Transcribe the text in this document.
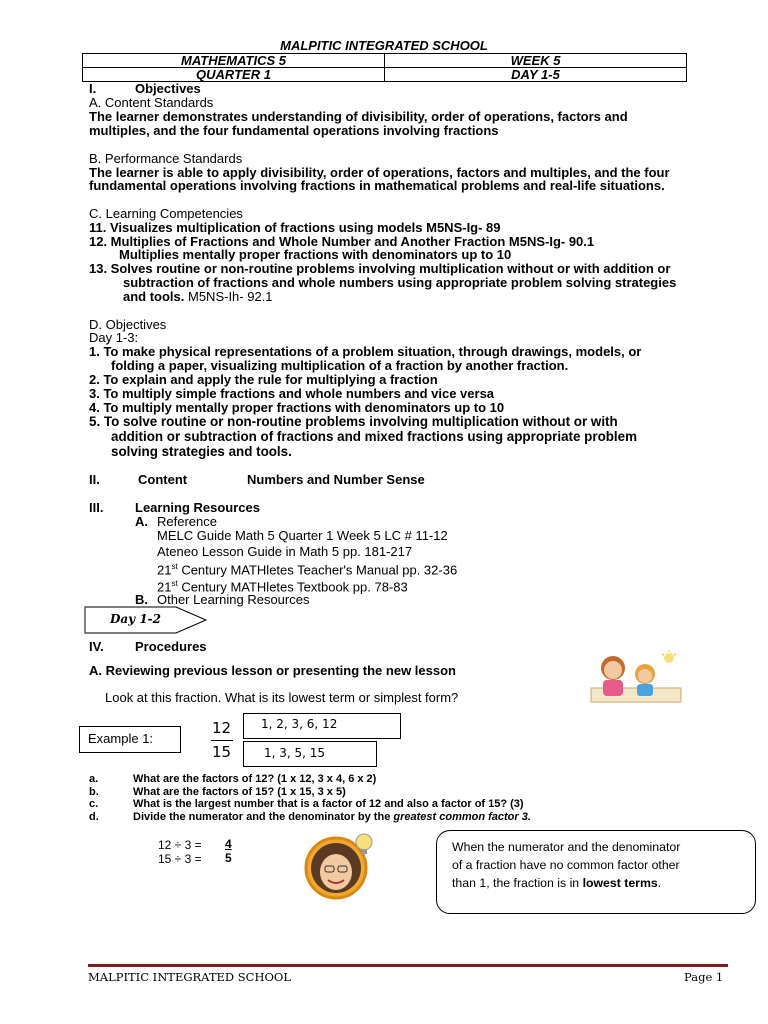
MALPITIC INTEGRATED SCHOOL
MATHEMATICS 5	WEEK 5
QUARTER 1	DAY 1-5
I.	Objectives
A. Content Standards
The learner demonstrates understanding of divisibility, order of operations, factors and
multiples, and the four fundamental operations involving fractions
B. Performance Standards
The learner is able to apply divisibility, order of operations, factors and multiples, and the four
fundamental operations involving fractions in mathematical problems and real-life situations.
C. Learning Competencies
11. Visualizes multiplication of fractions using models M5NS-Ig- 89
12. Multiplies of Fractions and Whole Number and Another Fraction M5NS-Ig- 90.1
Multiplies mentally proper fractions with denominators up to 10
13. Solves routine or non-routine problems involving multiplication without or with addition or
subtraction of fractions and whole numbers using appropriate problem solving strategies
and tools. M5NS-Ih- 92.1
D. Objectives
Day 1-3:
1. To make physical representations of a problem situation, through drawings, models, or
folding a paper, visualizing multiplication of a fraction by another fraction.
2. To explain and apply the rule for multiplying a fraction
3. To multiply simple fractions and whole numbers and vice versa
4. To multiply mentally proper fractions with denominators up to 10
5. To solve routine or non-routine problems involving multiplication without or with
addition or subtraction of fractions and mixed fractions using appropriate problem
solving strategies and tools.
II.	Content	Numbers and Number Sense
III. Learning Resources
A. Reference
MELC Guide Math 5 Quarter 1 Week 5 LC # 11-12
Ateneo Lesson Guide in Math 5 pp. 181-217
21st Century MATHletes Teacher's Manual pp. 32-36
21st Century MATHletes Textbook pp. 78-83
B. Other Learning Resources
Day 1-2
IV. Procedures
A. Reviewing previous lesson or presenting the new lesson
Look at this fraction. What is its lowest term or simplest form?
Example 1:
12
15
1, 2, 3, 6, 12
1, 3, 5, 15
a.	What are the factors of 12? (1 x 12, 3 x 4, 6 x 2)
b.	What are the factors of 15? (1 x 15, 3 x 5)
c.	What is the largest number that is a factor of 12 and also a factor of 15? (3)
d.	Divide the numerator and the denominator by the greatest common factor 3.
12 ÷ 3 = 4
15 ÷ 3 = 5
When the numerator and the denominator
of a fraction have no common factor other
than 1, the fraction is in lowest terms.
MALPITIC INTEGRATED SCHOOL	Page 1
